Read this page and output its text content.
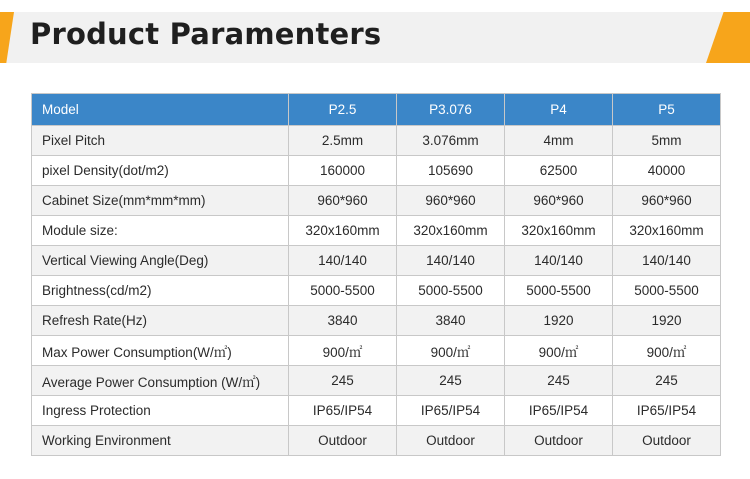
Product Paramenters
Model	P2.5	P3.076	P4	P5
Pixel Pitch	2.5mm	3.076mm	4mm	5mm
pixel Density(dot/m2)	160000	105690	62500	40000
Cabinet Size(mm*mm*mm)	960*960	960*960	960*960	960*960
Module size:	320x160mm	320x160mm	320x160mm	320x160mm
Vertical Viewing Angle(Deg)	140/140	140/140	140/140	140/140
Brightness(cd/m2)	5000-5500	5000-5500	5000-5500	5000-5500
Refresh Rate(Hz)	3840	3840	1920	1920
Max Power Consumption(W/㎡)	900/㎡	900/㎡	900/㎡	900/㎡
Average Power Consumption (W/㎡)	245	245	245	245
Ingress Protection	IP65/IP54	IP65/IP54	IP65/IP54	IP65/IP54
Working Environment	Outdoor	Outdoor	Outdoor	Outdoor
